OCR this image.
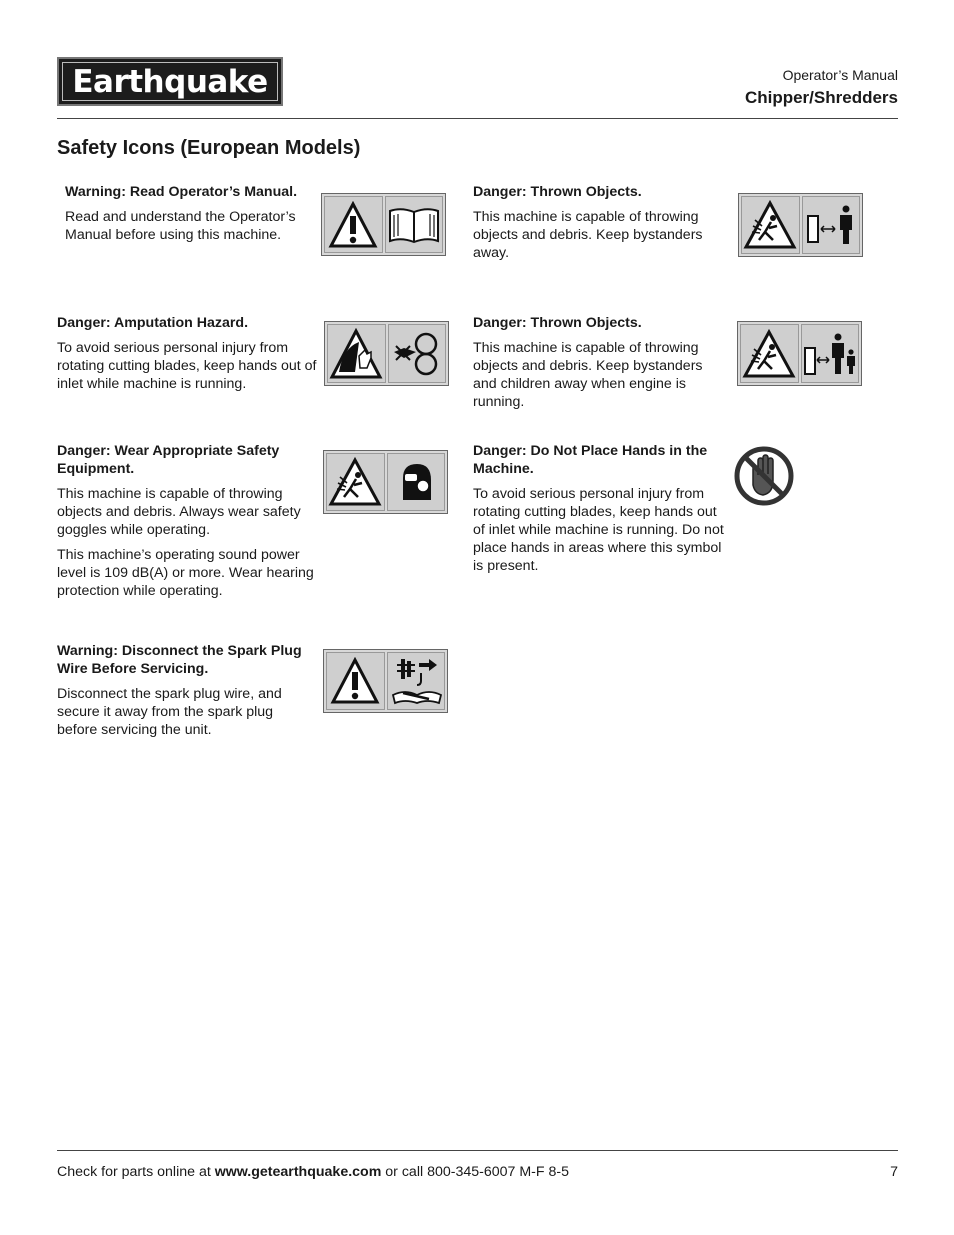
Earthquake	Operator’s Manual
Chipper/Shredders
Safety Icons (European Models)
Warning: Read Operator’s Manual.

Read and understand the Operator’s Manual before using this machine.

Danger: Amputation Hazard.

To avoid serious personal injury from rotating cutting blades, keep hands out of inlet while machine is running.

Danger: Wear Appropriate Safety Equipment.

This machine is capable of throwing objects and debris. Always wear safety goggles while operating.

This machine’s operating sound power level is 109 dB(A) or more. Wear hearing protection while operating.

Warning: Disconnect the Spark Plug Wire Before Servicing.

Disconnect the spark plug wire, and secure it away from the spark plug before servicing the unit.

Danger: Thrown Objects.

This machine is capable of throwing objects and debris. Keep bystanders away.

Danger: Thrown Objects.

This machine is capable of throwing objects and debris. Keep bystanders and children away when engine is running.

Danger: Do Not Place Hands in the Machine.

To avoid serious personal injury from rotating cutting blades, keep hands out of inlet while machine is running. Do not place hands in areas where this symbol is present.

Check for parts online at www.getearthquake.com or call 800-345-6007 M-F 8-5	7
